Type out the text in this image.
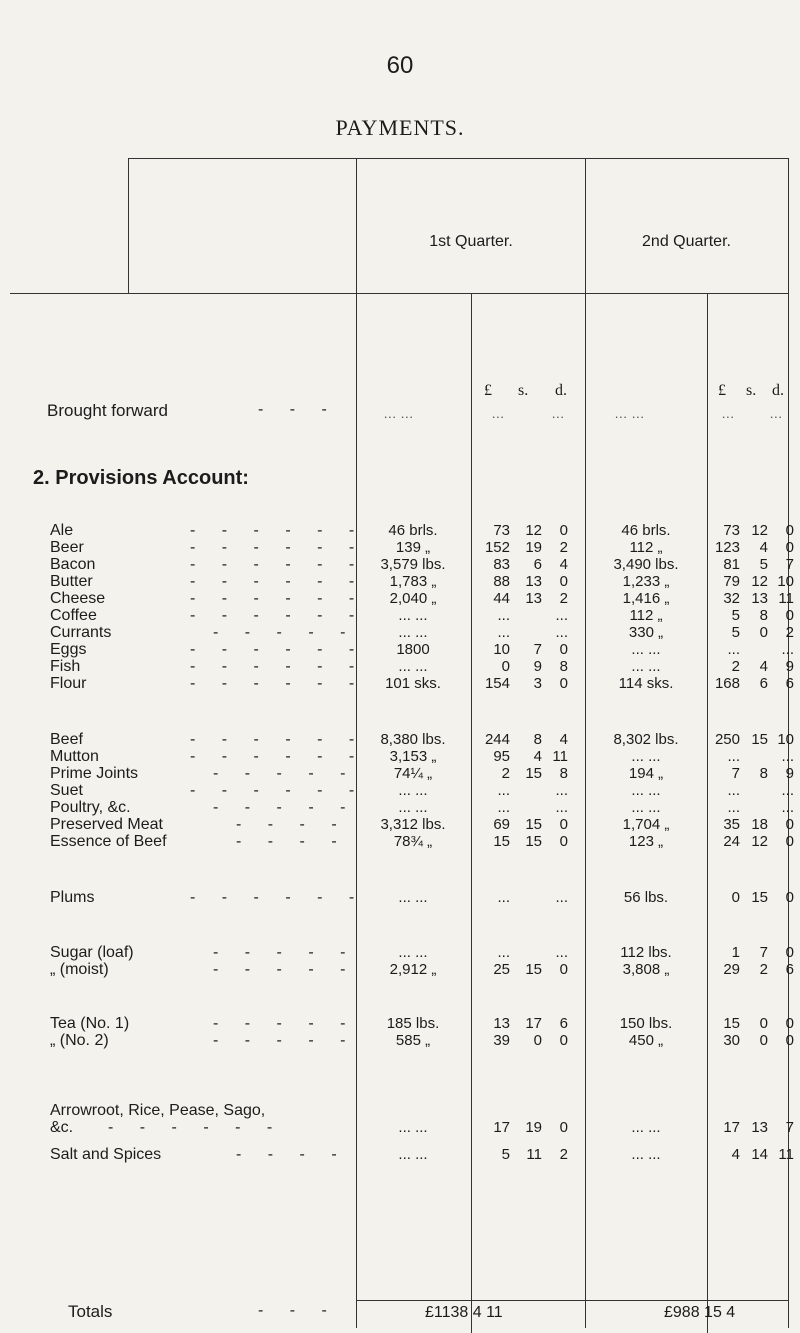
60
PAYMENTS.
1st Quarter.	2nd Quarter.
£ s. d.	£ s. d.
Brought forward	- - -	... ...	...	...	... ...	...	...
2. Provisions Account:
Ale	- - - - - -	46 brls.	73	12	0	46 brls.	73 12	0
Beer	- - - - - -	139 „	152	19	2	112 „	123	4	0
Bacon	- - - - - -	3,579 lbs.	83	6	4	3,490 lbs.	81	5	7
Butter	- - - - - -	1,783 „	88	13	0	1,233 „	79 12 10
Cheese	- - - - - -	2,040 „	44	13	2	1,416 „	32 13 11
Coffee	- - - - - -	... ...	...	...	112 „	5	8	0
Currants	- - - - -	... ...	...	...	330 „	5	0	2
Eggs	- - - - - -	1800	10	7	0	... ...	...	...
Fish	- - - - - -	... ...	0	9	8	... ...	2	4	9
Flour	- - - - - -	101 sks.	154	3	0	114 sks.	168	6	6
Beef	- - - - - -	8,380 lbs.	244	8	4	8,302 lbs.	250 15 10
Mutton	- - - - - -	3,153 „	95	4 11	... ...	...	...
Prime Joints	- - - - -	74¼ „	2	15	8	194 „	7	8	9
Suet	- - - - - -	... ...	...	...	... ...	...	...
Poultry, &c.	- - - - -	... ...	...	...	... ...	...	...
Preserved Meat	- - - -	3,312 lbs.	69	15	0	1,704 „	35 18	0
Essence of Beef	- - - -	78¾ „	15	15	0	123 „	24 12	0
Plums	- - - - - -	... ...	...	...	56 lbs.	0 15	0
Sugar (loaf)	- - - - -	... ...	...	...	112 lbs.	1	7	0
„ (moist)	- - - - -	2,912 „	25	15	0	3,808 „	29	2	6
Tea (No. 1)	- - - - -	185 lbs.	13	17	6	150 lbs.	15	0	0
„ (No. 2)	- - - - -	585 „	39	0	0	450 „	30	0	0
Arrowroot, Rice, Pease, Sago,
&c. - - - - - -	... ...	17	19	0	... ...	17 13	7
Salt and Spices	- - - -	... ...	5	11	2	... ...	4 14 11
Totals	- - -	£1138 4 11	£988 15 4
